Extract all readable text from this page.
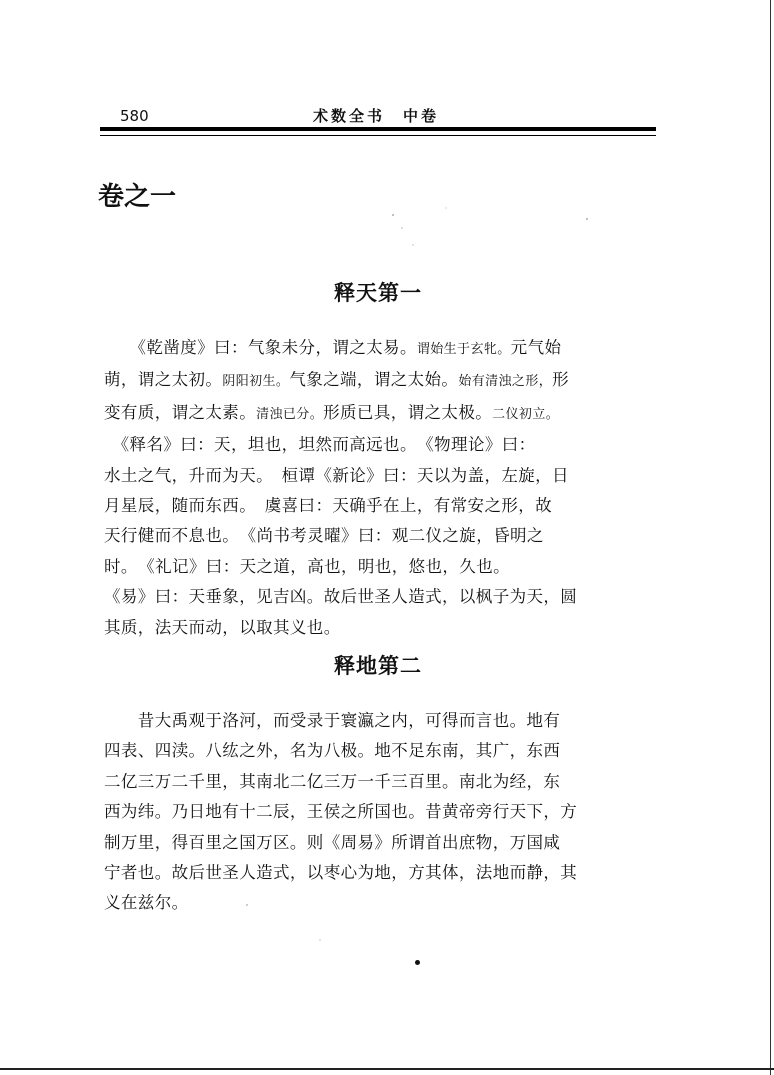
580	术数全书　中卷
卷之一
释天第一
　　《乾凿度》曰：气象未分，谓之太易。谓始生于玄牝。元气始
萌，谓之太初。阴阳初生。气象之端，谓之太始。始有清浊之形，形
变有质，谓之太素。清浊已分。形质已具，谓之太极。二仪初立。
　《释名》曰：天，坦也，坦然而高远也。　《物理论》曰：
水土之气，升而为天。　桓谭《新论》曰：天以为盖，左旋，日
月星辰，随而东西。　虞喜曰：天确乎在上，有常安之形，故
天行健而不息也。　《尚书考灵曜》曰：观二仪之旋，昏明之
时。　《礼记》曰：天之道，高也，明也，悠也，久也。
《易》曰：天垂象，见吉凶。故后世圣人造式，以枫子为天，圆
其质，法天而动，以取其义也。
释地第二
　　昔大禹观于洛河，而受录于寰瀛之内，可得而言也。地有
四表、四渎。八纮之外，名为八极。地不足东南，其广，东西
二亿三万二千里，其南北二亿三万一千三百里。南北为经，东
西为纬。乃日地有十二辰，王侯之所国也。昔黄帝旁行天下，方
制万里，得百里之国万区。则《周易》所谓首出庶物，万国咸
宁者也。故后世圣人造式，以枣心为地，方其体，法地而静，其
义在兹尔。
